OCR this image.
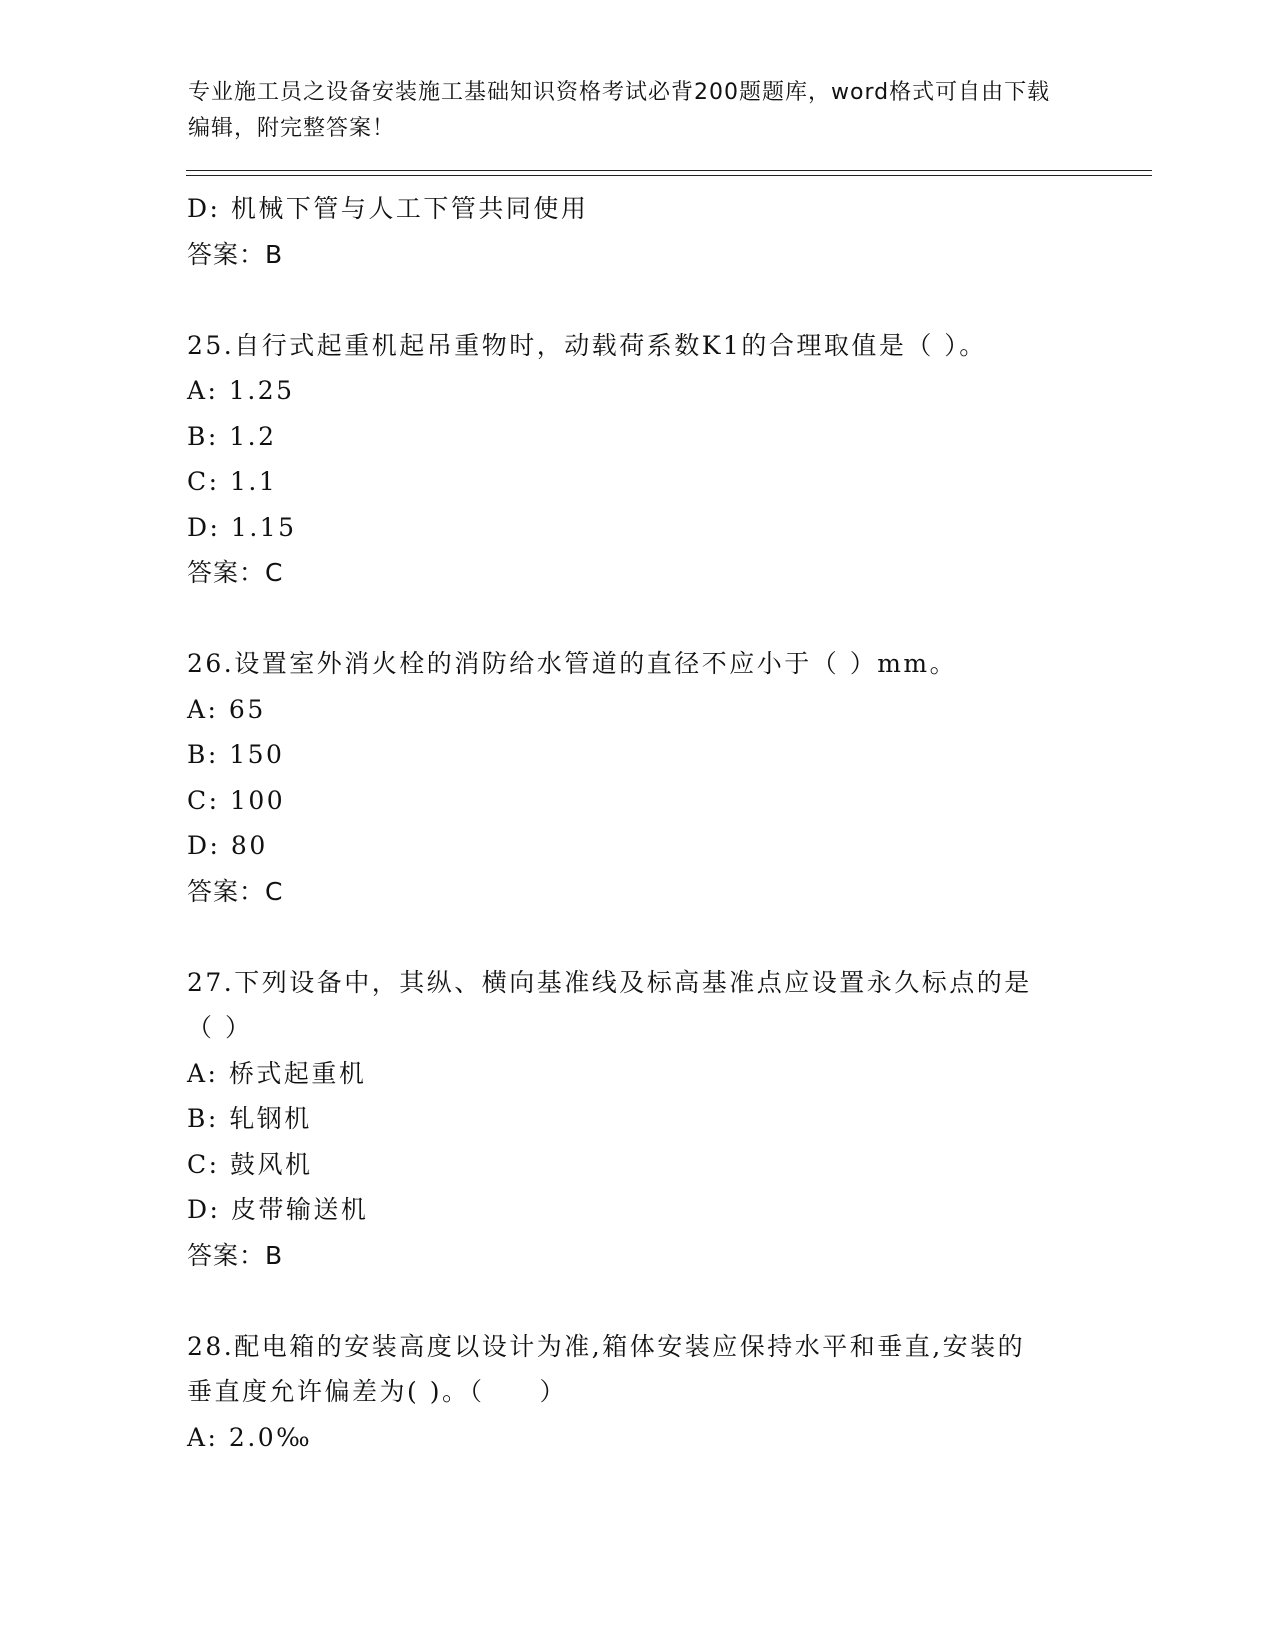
专业施工员之设备安装施工基础知识资格考试必背200题题库，word格式可自由下载编辑，附完整答案！
D: 机械下管与人工下管共同使用
答案：B
25.自行式起重机起吊重物时，动载荷系数K1的合理取值是（ ）。
A: 1.25
B: 1.2
C: 1.1
D: 1.15
答案：C
26.设置室外消火栓的消防给水管道的直径不应小于（ ）mm。
A: 65
B: 150
C: 100
D: 80
答案：C
27.下列设备中，其纵、横向基准线及标高基准点应设置永久标点的是
（ ）
A: 桥式起重机
B: 轧钢机
C: 鼓风机
D: 皮带输送机
答案：B
28.配电箱的安装高度以设计为准,箱体安装应保持水平和垂直,安装的
垂直度允许偏差为( )。（　　）
A: 2.0‰
